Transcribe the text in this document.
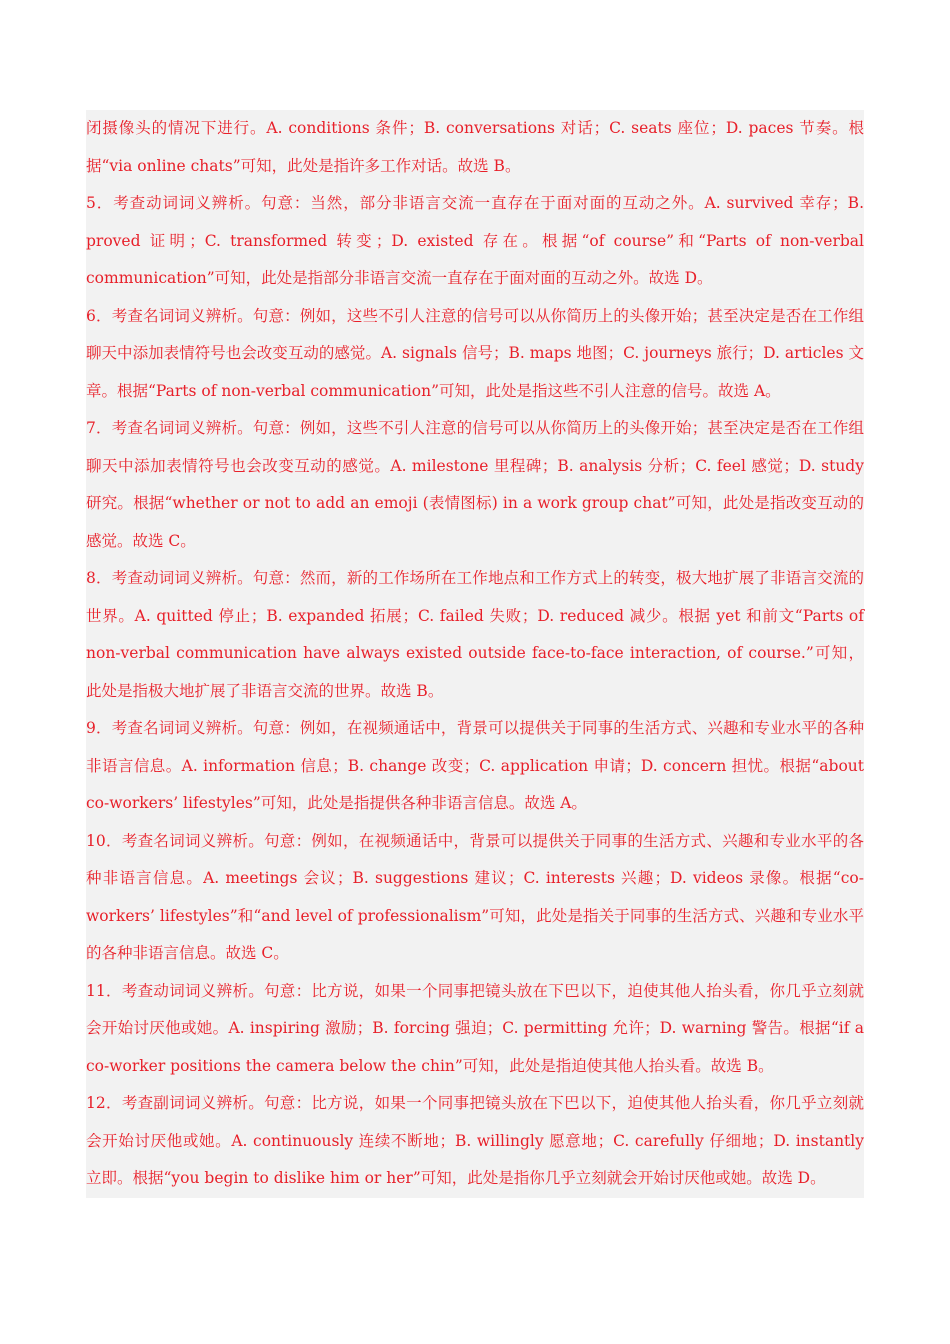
闭摄像头的情况下进行。A. conditions 条件；B. conversations 对话；C. seats 座位；D. paces 节奏。根据“via online chats”可知，此处是指许多工作对话。故选 B。

5．考查动词词义辨析。句意：当然，部分非语言交流一直存在于面对面的互动之外。A. survived 幸存；B. proved 证明；C. transformed 转变；D. existed 存在。根据“of course”和“Parts of non-verbal communication”可知，此处是指部分非语言交流一直存在于面对面的互动之外。故选 D。

6．考查名词词义辨析。句意：例如，这些不引人注意的信号可以从你简历上的头像开始；甚至决定是否在工作组聊天中添加表情符号也会改变互动的感觉。A. signals 信号；B. maps 地图；C. journeys 旅行；D. articles 文章。根据“Parts of non-verbal communication”可知，此处是指这些不引人注意的信号。故选 A。

7．考查名词词义辨析。句意：例如，这些不引人注意的信号可以从你简历上的头像开始；甚至决定是否在工作组聊天中添加表情符号也会改变互动的感觉。A. milestone 里程碑；B. analysis 分析；C. feel 感觉；D. study 研究。根据“whether or not to add an emoji (表情图标) in a work group chat”可知，此处是指改变互动的感觉。故选 C。

8．考查动词词义辨析。句意：然而，新的工作场所在工作地点和工作方式上的转变，极大地扩展了非语言交流的世界。A. quitted 停止；B. expanded 拓展；C. failed 失败；D. reduced 减少。根据 yet 和前文“Parts of non-verbal communication have always existed outside face-to-face interaction, of course.”可知，此处是指极大地扩展了非语言交流的世界。故选 B。

9．考查名词词义辨析。句意：例如，在视频通话中，背景可以提供关于同事的生活方式、兴趣和专业水平的各种非语言信息。A. information 信息；B. change 改变；C. application 申请；D. concern 担忧。根据“about co-workers’ lifestyles”可知，此处是指提供各种非语言信息。故选 A。

10．考查名词词义辨析。句意：例如，在视频通话中，背景可以提供关于同事的生活方式、兴趣和专业水平的各种非语言信息。A. meetings 会议；B. suggestions 建议；C. interests 兴趣；D. videos 录像。根据“co-workers’ lifestyles”和“and level of professionalism”可知，此处是指关于同事的生活方式、兴趣和专业水平的各种非语言信息。故选 C。

11．考查动词词义辨析。句意：比方说，如果一个同事把镜头放在下巴以下，迫使其他人抬头看，你几乎立刻就会开始讨厌他或她。A. inspiring 激励；B. forcing 强迫；C. permitting 允许；D. warning 警告。根据“if a co-worker positions the camera below the chin”可知，此处是指迫使其他人抬头看。故选 B。

12．考查副词词义辨析。句意：比方说，如果一个同事把镜头放在下巴以下，迫使其他人抬头看，你几乎立刻就会开始讨厌他或她。A. continuously 连续不断地；B. willingly 愿意地；C. carefully 仔细地；D. instantly 立即。根据“you begin to dislike him or her”可知，此处是指你几乎立刻就会开始讨厌他或她。故选 D。
